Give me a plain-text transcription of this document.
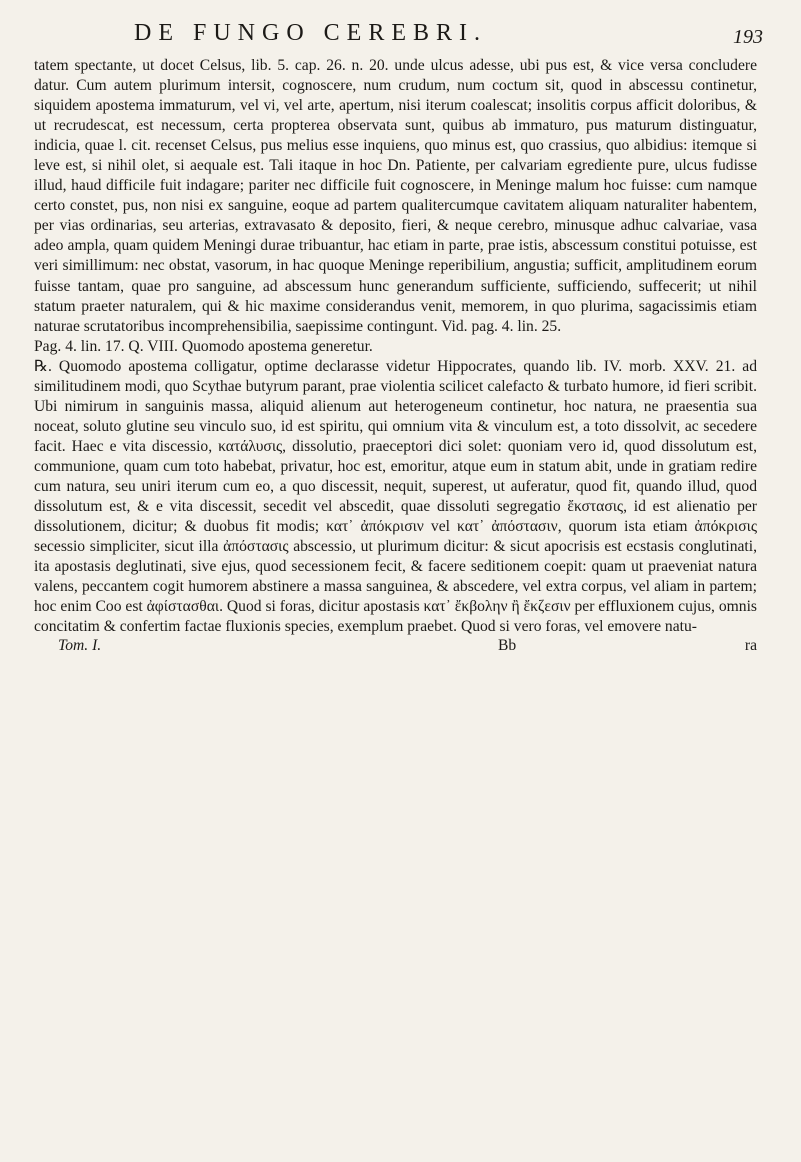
DE FUNGO CEREBRI.	193

tatem spectante, ut docet Celsus, lib. 5. cap. 26. n. 20. unde ulcus adesse, ubi pus est, & vice versa concludere datur. Cum autem plurimum intersit, cognoscere, num crudum, num coctum sit, quod in abscessu continetur, siquidem apostema immaturum, vel vi, vel arte, apertum, nisi iterum coalescat; insolitis corpus afficit doloribus, & ut recrudescat, est necessum, certa propterea observata sunt, quibus ab immaturo, pus maturum distinguatur, indicia, quae l. cit. recenset Celsus, pus melius esse inquiens, quo minus est, quo crassius, quo albidius: itemque si leve est, si nihil olet, si aequale est. Tali itaque in hoc Dn. Patiente, per calvariam egrediente pure, ulcus fudisse illud, haud difficile fuit indagare; pariter nec difficile fuit cognoscere, in Meninge malum hoc fuisse: cum namque certo constet, pus, non nisi ex sanguine, eoque ad partem qualitercumque cavitatem aliquam naturaliter habentem, per vias ordinarias, seu arterias, extravasato & deposito, fieri, & neque cerebro, minusque adhuc calvariae, vasa adeo ampla, quam quidem Meningi durae tribuantur, hac etiam in parte, prae istis, abscessum constitui potuisse, est veri simillimum: nec obstat, vasorum, in hac quoque Meninge reperibilium, angustia; sufficit, amplitudinem eorum fuisse tantam, quae pro sanguine, ad abscessum hunc generandum sufficiente, sufficiendo, suffecerit; ut nihil statum praeter naturalem, qui & hic maxime considerandus venit, memorem, in quo plurima, sagacissimis etiam naturae scrutatoribus incomprehensibilia, saepissime contingunt. Vid. pag. 4. lin. 25.

Pag. 4. lin. 17. Q. VIII. Quomodo apostema generetur.

℞. Quomodo apostema colligatur, optime declarasse videtur Hippocrates, quando lib. IV. morb. XXV. 21. ad similitudinem modi, quo Scythae butyrum parant, prae violentia scilicet calefacto & turbato humore, id fieri scribit. Ubi nimirum in sanguinis massa, aliquid alienum aut heterogeneum continetur, hoc natura, ne praesentia sua noceat, soluto glutine seu vinculo suo, id est spiritu, qui omnium vita & vinculum est, a toto dissolvit, ac secedere facit. Haec e vita discessio, κατάλυσις, dissolutio, praeceptori dici solet: quoniam vero id, quod dissolutum est, communione, quam cum toto habebat, privatur, hoc est, emoritur, atque eum in statum abit, unde in gratiam redire cum natura, seu uniri iterum cum eo, a quo discessit, nequit, superest, ut auferatur, quod fit, quando illud, quod dissolutum est, & e vita discessit, secedit vel abscedit, quae dissoluti segregatio ἔκστασις, id est alienatio per dissolutionem, dicitur; & duobus fit modis; κατ᾽ ἀπόκρισιν vel κατ᾽ ἀπόστασιν, quorum ista etiam ἀπόκρισις secessio simpliciter, sicut illa ἀπόστασις abscessio, ut plurimum dicitur: & sicut apocrisis est ecstasis conglutinati, ita apostasis deglutinati, sive ejus, quod secessionem fecit, & facere seditionem coepit: quam ut praeveniat natura valens, peccantem cogit humorem abstinere a massa sanguinea, & abscedere, vel extra corpus, vel aliam in partem; hoc enim Coo est ἀφίστασθαι. Quod si foras, dicitur apostasis κατ᾽ ἔκβολην ἢ ἔκζεσιν per effluxionem cujus, omnis concitatim & confertim factae fluxionis species, exemplum praebet. Quod si vero foras, vel emovere natu-

Tom. I.	Bb	ra
